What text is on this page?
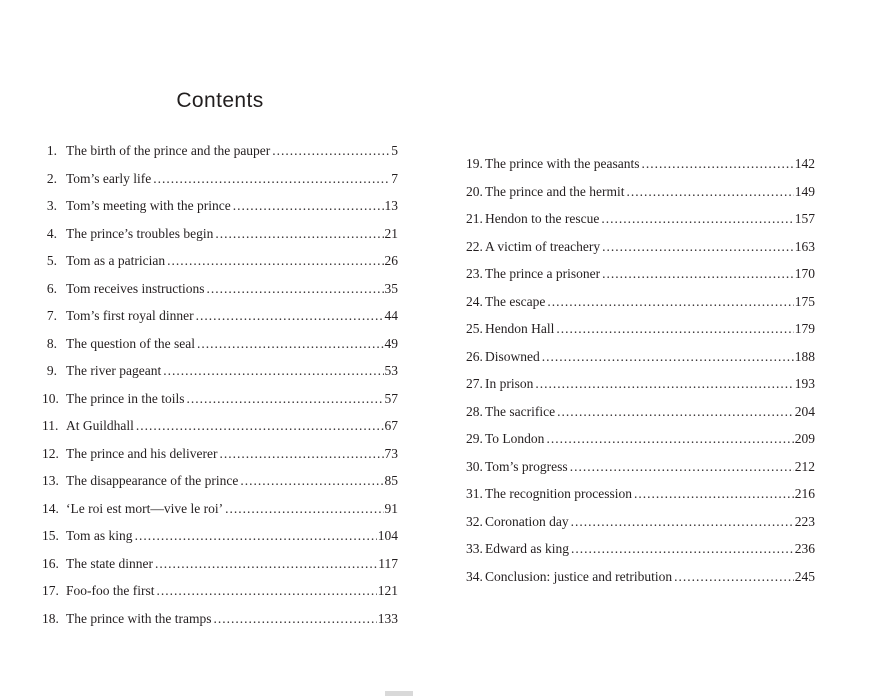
Contents
1. The birth of the prince and the pauper .....	5
2. Tom’s early life .....	7
3. Tom’s meeting with the prince .....	13
4. The prince’s troubles begin .....	21
5. Tom as a patrician .....	26
6. Tom receives instructions .....	35
7. Tom’s first royal dinner .....	44
8. The question of the seal .....	49
9. The river pageant .....	53
10. The prince in the toils .....	57
11. At Guildhall .....	67
12. The prince and his deliverer .....	73
13. The disappearance of the prince .....	85
14. ‘Le roi est mort—vive le roi’ .....	91
15. Tom as king .....	104
16. The state dinner .....	117
17. Foo-foo the first .....	121
18. The prince with the tramps .....	133
19. The prince with the peasants .....	142
20. The prince and the hermit .....	149
21. Hendon to the rescue .....	157
22. A victim of treachery .....	163
23. The prince a prisoner .....	170
24. The escape .....	175
25. Hendon Hall .....	179
26. Disowned .....	188
27. In prison .....	193
28. The sacrifice .....	204
29. To London .....	209
30. Tom’s progress .....	212
31. The recognition procession .....	216
32. Coronation day .....	223
33. Edward as king .....	236
34. Conclusion: justice and retribution .....	245
